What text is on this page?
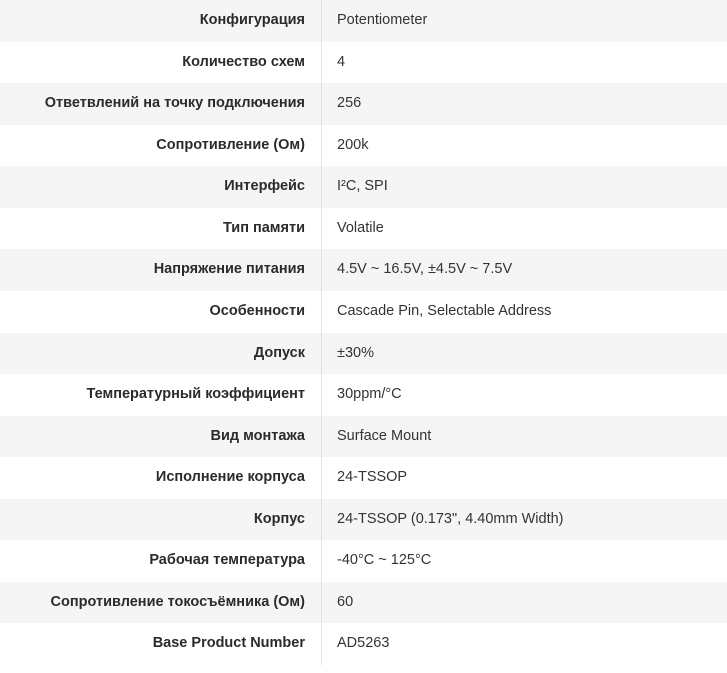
Конфигурация	Potentiometer

Количество схем	4

Ответвлений на точку подключения	256

Сопротивление (Ом)	200k

Интерфейс	I²C, SPI

Тип памяти	Volatile

Напряжение питания	4.5V ~ 16.5V, ±4.5V ~ 7.5V

Особенности	Cascade Pin, Selectable Address

Допуск	±30%

Температурный коэффициент	30ppm/°C

Вид монтажа	Surface Mount

Исполнение корпуса	24-TSSOP

Корпус	24-TSSOP (0.173", 4.40mm Width)

Рабочая температура	-40°C ~ 125°C

Сопротивление токосъёмника (Ом)	60

Base Product Number	AD5263
